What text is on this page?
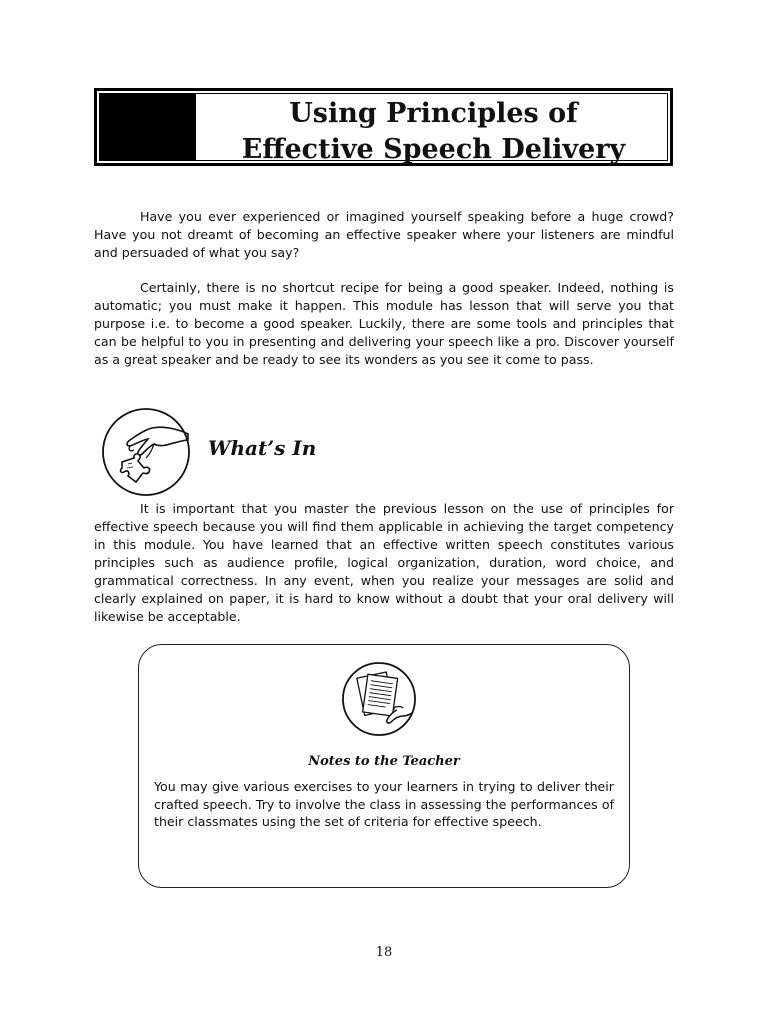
Using Principles of
Effective Speech Delivery

Have you ever experienced or imagined yourself speaking before a huge crowd? Have you not dreamt of becoming an effective speaker where your listeners are mindful and persuaded of what you say?

Certainly, there is no shortcut recipe for being a good speaker. Indeed, nothing is automatic; you must make it happen. This module has lesson that will serve you that purpose i.e. to become a good speaker. Luckily, there are some tools and principles that can be helpful to you in presenting and delivering your speech like a pro. Discover yourself as a great speaker and be ready to see its wonders as you see it come to pass.

What’s In

It is important that you master the previous lesson on the use of principles for effective speech because you will find them applicable in achieving the target competency in this module. You have learned that an effective written speech constitutes various principles such as audience profile, logical organization, duration, word choice, and grammatical correctness. In any event, when you realize your messages are solid and clearly explained on paper, it is hard to know without a doubt that your oral delivery will likewise be acceptable.

Notes to the Teacher

You may give various exercises to your learners in trying to deliver their crafted speech. Try to involve the class in assessing the performances of their classmates using the set of criteria for effective speech.

18
